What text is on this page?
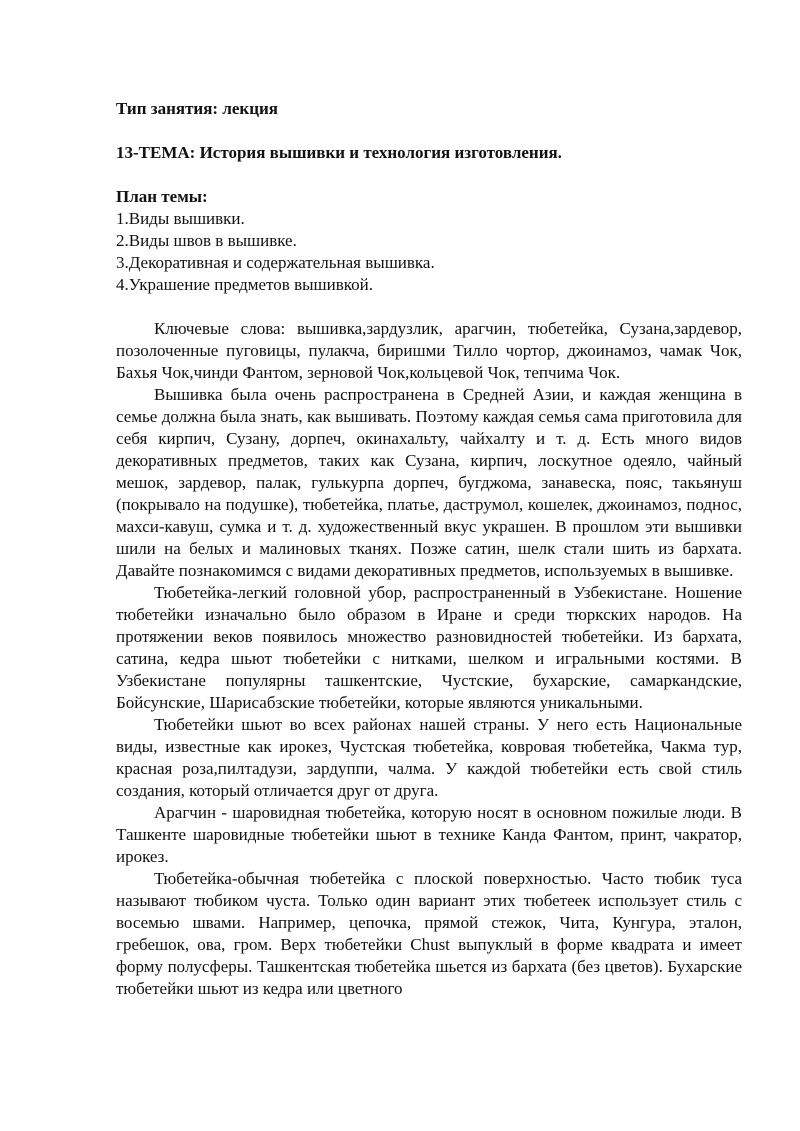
Тип занятия: лекция

13-ТЕМА: История вышивки и технология изготовления.

План темы:

1.Виды вышивки.
2.Виды швов в вышивке.
3.Декоративная и содержательная вышивка.
4.Украшение предметов вышивкой.

Ключевые слова: вышивка,зардузлик, арагчин, тюбетейка, Сузана,зардевор, позолоченные пуговицы, пулакча, биришми Тилло чортор, джоинамоз, чамак Чок, Бахья Чок,чинди Фантом, зерновой Чок,кольцевой Чок, тепчима Чок.

Вышивка была очень распространена в Средней Азии, и каждая женщина в семье должна была знать, как вышивать. Поэтому каждая семья сама приготовила для себя кирпич, Сузану, дорпеч, окинахальту, чайхалту и т. д. Есть много видов декоративных предметов, таких как Сузана, кирпич, лоскутное одеяло, чайный мешок, зардевор, палак, гулькурпа дорпеч, бугджома, занавеска, пояс, такьянуш (покрывало на подушке), тюбетейка, платье, даструмол, кошелек, джоинамоз, поднос, махси-кавуш, сумка и т. д. художественный вкус украшен. В прошлом эти вышивки шили на белых и малиновых тканях. Позже сатин, шелк стали шить из бархата. Давайте познакомимся с видами декоративных предметов, используемых в вышивке.

Тюбетейка-легкий головной убор, распространенный в Узбекистане. Ношение тюбетейки изначально было образом в Иране и среди тюркских народов. На протяжении веков появилось множество разновидностей тюбетейки. Из бархата, сатина, кедра шьют тюбетейки с нитками, шелком и игральными костями. В Узбекистане популярны ташкентские, Чустские, бухарские, самаркандские, Бойсунские, Шарисабзские тюбетейки, которые являются уникальными.

Тюбетейки шьют во всех районах нашей страны. У него есть Национальные виды, известные как ирокез, Чустская тюбетейка, ковровая тюбетейка, Чакма тур, красная роза,пилтадузи, зардуппи, чалма. У каждой тюбетейки есть свой стиль создания, который отличается друг от друга.

Арагчин - шаровидная тюбетейка, которую носят в основном пожилые люди. В Ташкенте шаровидные тюбетейки шьют в технике Канда Фантом, принт, чакратор, ирокез.

Тюбетейка-обычная тюбетейка с плоской поверхностью. Часто тюбик туса называют тюбиком чуста. Только один вариант этих тюбетеек использует стиль с восемью швами. Например, цепочка, прямой стежок, Чита, Кунгура, эталон, гребешок, ова, гром. Верх тюбетейки Chust выпуклый в форме квадрата и имеет форму полусферы. Ташкентская тюбетейка шьется из бархата (без цветов). Бухарские тюбетейки шьют из кедра или цветного
